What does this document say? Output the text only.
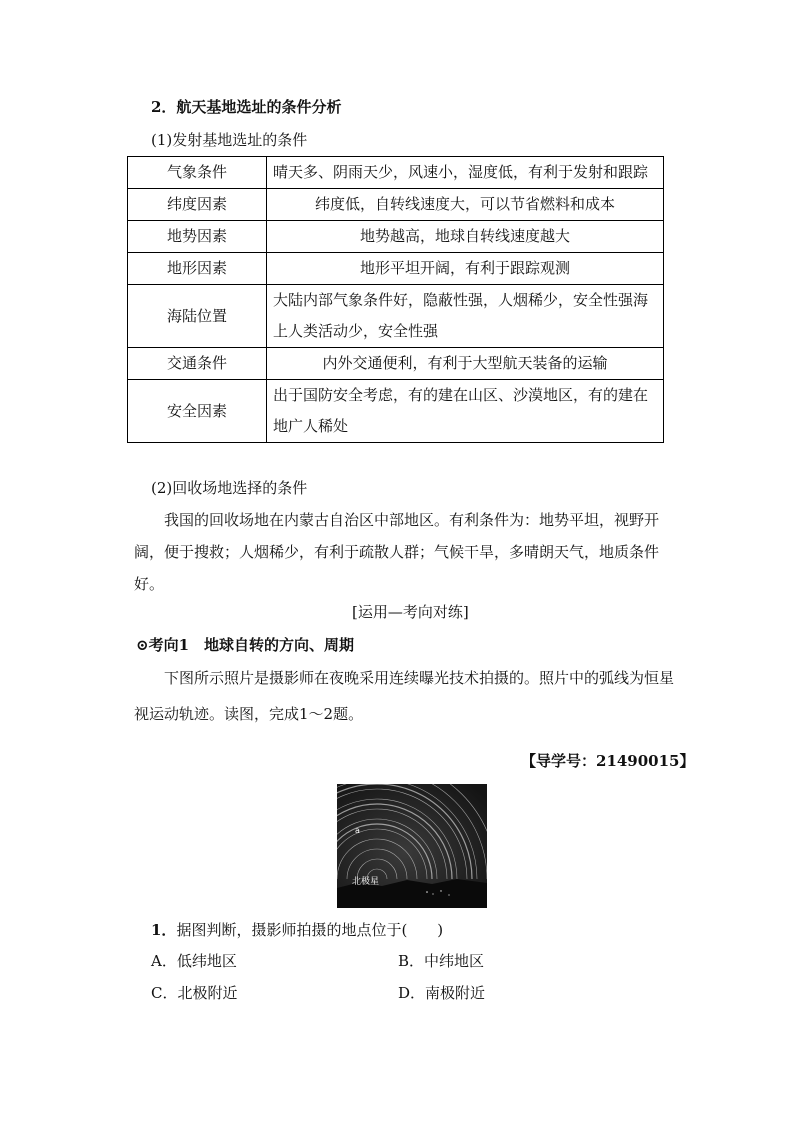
2．航天基地选址的条件分析
(1)发射基地选址的条件
气象条件	晴天多、阴雨天少，风速小，湿度低，有利于发射和跟踪
纬度因素	纬度低，自转线速度大，可以节省燃料和成本
地势因素	地势越高，地球自转线速度越大
地形因素	地形平坦开阔，有利于跟踪观测
海陆位置	大陆内部气象条件好，隐蔽性强，人烟稀少，安全性强海上人类活动少，安全性强
交通条件	内外交通便利，有利于大型航天装备的运输
安全因素	出于国防安全考虑，有的建在山区、沙漠地区，有的建在地广人稀处
(2)回收场地选择的条件
我国的回收场地在内蒙古自治区中部地区。有利条件为：地势平坦，视野开阔，便于搜救；人烟稀少，有利于疏散人群；气候干旱，多晴朗天气，地质条件好。
[运用—考向对练]
⊙考向1　地球自转的方向、周期
下图所示照片是摄影师在夜晚采用连续曝光技术拍摄的。照片中的弧线为恒星视运动轨迹。读图，完成1～2题。
【导学号：21490015】
a
北极星
1．据图判断，摄影师拍摄的地点位于(　　)
A．低纬地区	B．中纬地区
C．北极附近	D．南极附近
